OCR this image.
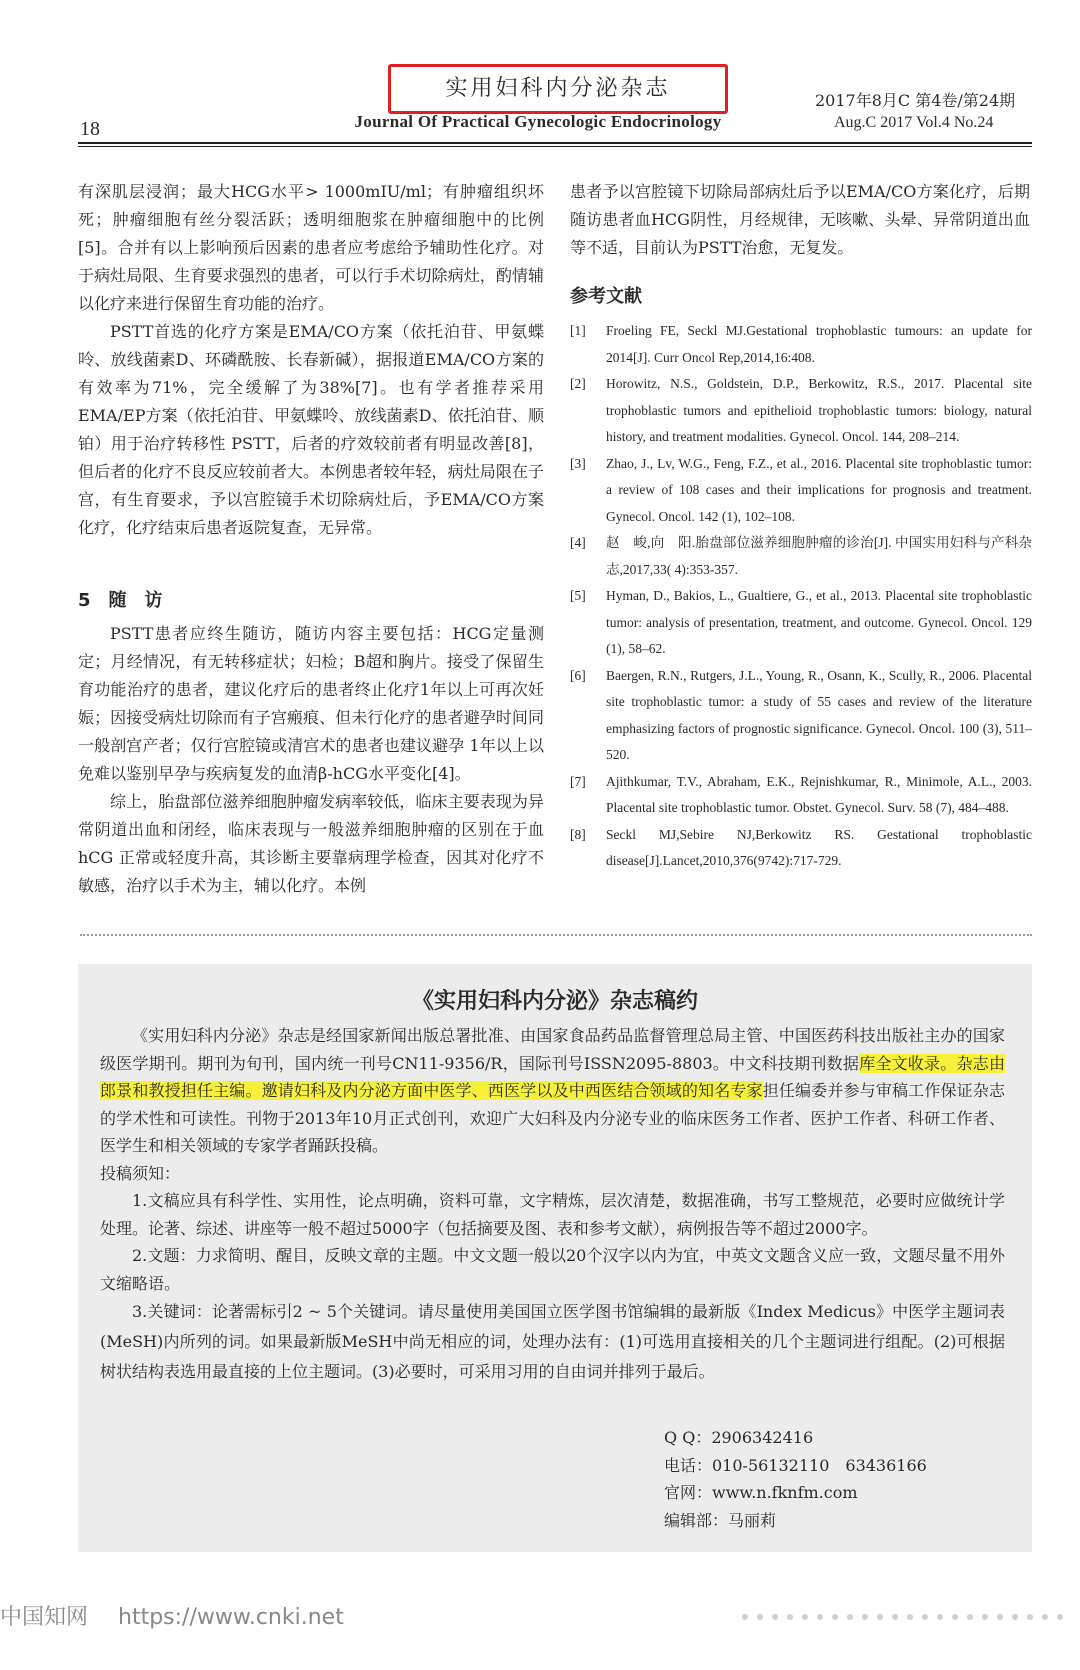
实用妇科内分泌杂志
Journal Of Practical Gynecologic Endocrinology
2017年8月C 第4卷/第24期
Aug.C 2017 Vol.4 No.24
18

有深肌层浸润；最大HCG水平> 1000mIU/ml；有肿瘤组织坏死；肿瘤细胞有丝分裂活跃；透明细胞浆在肿瘤细胞中的比例[5]。合并有以上影响预后因素的患者应考虑给予辅助性化疗。对于病灶局限、生育要求强烈的患者，可以行手术切除病灶，酌情辅以化疗来进行保留生育功能的治疗。

PSTT首选的化疗方案是EMA/CO方案（依托泊苷、甲氨蝶呤、放线菌素D、环磷酰胺、长春新碱），据报道EMA/CO方案的有效率为71%，完全缓解了为38%[7]。也有学者推荐采用EMA/EP方案（依托泊苷、甲氨蝶呤、放线菌素D、依托泊苷、顺铂）用于治疗转移性 PSTT，后者的疗效较前者有明显改善[8]，但后者的化疗不良反应较前者大。本例患者较年轻，病灶局限在子宫，有生育要求，予以宫腔镜手术切除病灶后，予EMA/CO方案化疗，化疗结束后患者返院复查，无异常。

5　随　访

PSTT患者应终生随访，随访内容主要包括：HCG定量测定；月经情况，有无转移症状；妇检；B超和胸片。接受了保留生育功能治疗的患者，建议化疗后的患者终止化疗1年以上可再次妊娠；因接受病灶切除而有子宫瘢痕、但未行化疗的患者避孕时间同一般剖宫产者；仅行宫腔镜或清宫术的患者也建议避孕 1年以上以免难以鉴别早孕与疾病复发的血清β-hCG水平变化[4]。

综上，胎盘部位滋养细胞肿瘤发病率较低，临床主要表现为异常阴道出血和闭经，临床表现与一般滋养细胞肿瘤的区别在于血 hCG 正常或轻度升高，其诊断主要靠病理学检查，因其对化疗不敏感，治疗以手术为主，辅以化疗。本例

患者予以宫腔镜下切除局部病灶后予以EMA/CO方案化疗，后期随访患者血HCG阴性，月经规律，无咳嗽、头晕、异常阴道出血等不适，目前认为PSTT治愈，无复发。

参考文献
[1] Froeling FE, Seckl MJ.Gestational trophoblastic tumours: an update for 2014[J]. Curr Oncol Rep,2014,16:408.
[2] Horowitz, N.S., Goldstein, D.P., Berkowitz, R.S., 2017. Placental site trophoblastic tumors and epithelioid trophoblastic tumors: biology, natural history, and treatment modalities. Gynecol. Oncol. 144, 208–214.
[3] Zhao, J., Lv, W.G., Feng, F.Z., et al., 2016. Placental site trophoblastic tumor: a review of 108 cases and their implications for prognosis and treatment. Gynecol. Oncol. 142 (1), 102–108.
[4] 赵　峻,向　阳.胎盘部位滋养细胞肿瘤的诊治[J]. 中国实用妇科与产科杂志,2017,33( 4):353-357.
[5] Hyman, D., Bakios, L., Gualtiere, G., et al., 2013. Placental site trophoblastic tumor: analysis of presentation, treatment, and outcome. Gynecol. Oncol. 129 (1), 58–62.
[6] Baergen, R.N., Rutgers, J.L., Young, R., Osann, K., Scully, R., 2006. Placental site trophoblastic tumor: a study of 55 cases and review of the literature emphasizing factors of prognostic significance. Gynecol. Oncol. 100 (3), 511–520.
[7] Ajithkumar, T.V., Abraham, E.K., Rejnishkumar, R., Minimole, A.L., 2003. Placental site trophoblastic tumor. Obstet. Gynecol. Surv. 58 (7), 484–488.
[8] Seckl MJ,Sebire NJ,Berkowitz RS. Gestational trophoblastic disease[J].Lancet,2010,376(9742):717-729.
《实用妇科内分泌》杂志稿约

《实用妇科内分泌》杂志是经国家新闻出版总署批准、由国家食品药品监督管理总局主管、中国医药科技出版社主办的国家级医学期刊。期刊为旬刊，国内统一刊号CN11-9356/R，国际刊号ISSN2095-8803。中文科技期刊数据库全文收录。杂志由郎景和教授担任主编。邀请妇科及内分泌方面中医学、西医学以及中西医结合领域的知名专家担任编委并参与审稿工作保证杂志的学术性和可读性。刊物于2013年10月正式创刊，欢迎广大妇科及内分泌专业的临床医务工作者、医护工作者、科研工作者、医学生和相关领域的专家学者踊跃投稿。

投稿须知：

1.文稿应具有科学性、实用性，论点明确，资料可靠，文字精炼，层次清楚，数据准确，书写工整规范，必要时应做统计学处理。论著、综述、讲座等一般不超过5000字（包括摘要及图、表和参考文献），病例报告等不超过2000字。

2.文题：力求简明、醒目，反映文章的主题。中文文题一般以20个汉字以内为宜，中英文文题含义应一致，文题尽量不用外文缩略语。

3.关键词：论著需标引2 ~ 5个关键词。请尽量使用美国国立医学图书馆编辑的最新版《Index Medicus》中医学主题词表(MeSH)内所列的词。如果最新版MeSH中尚无相应的词，处理办法有：(1)可选用直接相关的几个主题词进行组配。(2)可根据树状结构表选用最直接的上位主题词。(3)必要时，可采用习用的自由词并排列于最后。

Q Q：2906342416
电话：010-56132110　63436166
官网：www.n.fknfm.com
编辑部：马丽莉
中国知网 https://www.cnki.net
